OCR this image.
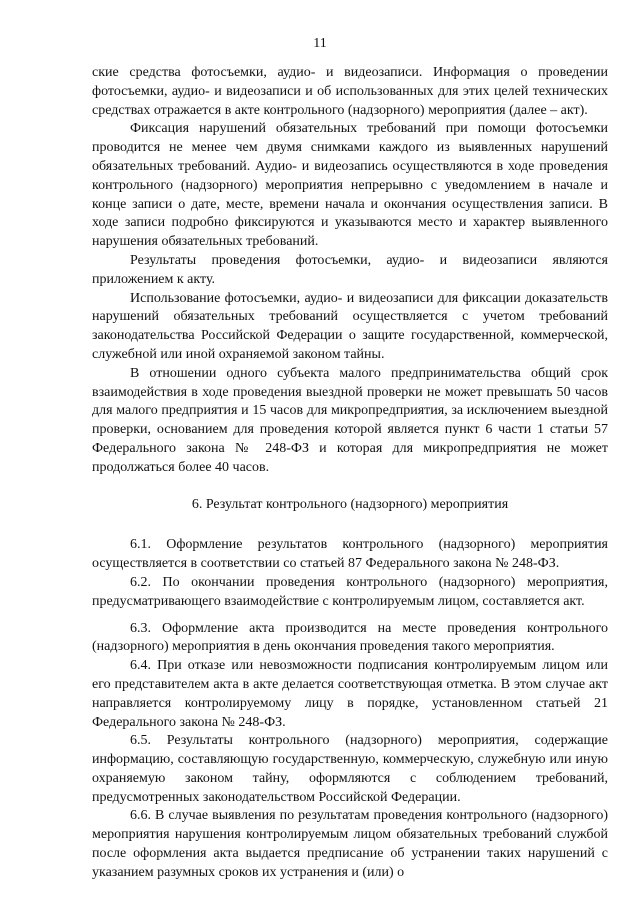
11

ские средства фотосъемки, аудио- и видеозаписи. Информация о проведении фотосъемки, аудио- и видеозаписи и об использованных для этих целей технических средствах отражается в акте контрольного (надзорного) мероприятия (далее – акт).

Фиксация нарушений обязательных требований при помощи фотосъемки проводится не менее чем двумя снимками каждого из выявленных нарушений обязательных требований. Аудио- и видеозапись осуществляются в ходе проведения контрольного (надзорного) мероприятия непрерывно с уведомлением в начале и конце записи о дате, месте, времени начала и окончания осуществления записи. В ходе записи подробно фиксируются и указываются место и характер выявленного нарушения обязательных требований.

Результаты проведения фотосъемки, аудио- и видеозаписи являются приложением к акту.

Использование фотосъемки, аудио- и видеозаписи для фиксации доказательств нарушений обязательных требований осуществляется с учетом требований законодательства Российской Федерации о защите государственной, коммерческой, служебной или иной охраняемой законом тайны.

В отношении одного субъекта малого предпринимательства общий срок взаимодействия в ходе проведения выездной проверки не может превышать 50 часов для малого предприятия и 15 часов для микропредприятия, за исключением выездной проверки, основанием для проведения которой является пункт 6 части 1 статьи 57 Федерального закона № 248-ФЗ и которая для микропредприятия не может продолжаться более 40 часов.

6. Результат контрольного (надзорного) мероприятия

6.1. Оформление результатов контрольного (надзорного) мероприятия осуществляется в соответствии со статьей 87 Федерального закона № 248-ФЗ.

6.2. По окончании проведения контрольного (надзорного) мероприятия, предусматривающего взаимодействие с контролируемым лицом, составляется акт.

6.3. Оформление акта производится на месте проведения контрольного (надзорного) мероприятия в день окончания проведения такого мероприятия.

6.4. При отказе или невозможности подписания контролируемым лицом или его представителем акта в акте делается соответствующая отметка. В этом случае акт направляется контролируемому лицу в порядке, установленном статьей 21 Федерального закона № 248-ФЗ.

6.5. Результаты контрольного (надзорного) мероприятия, содержащие информацию, составляющую государственную, коммерческую, служебную или иную охраняемую законом тайну, оформляются с соблюдением требований, предусмотренных законодательством Российской Федерации.

6.6. В случае выявления по результатам проведения контрольного (надзорного) мероприятия нарушения контролируемым лицом обязательных требований службой после оформления акта выдается предписание об устранении таких нарушений с указанием разумных сроков их устранения и (или) о
